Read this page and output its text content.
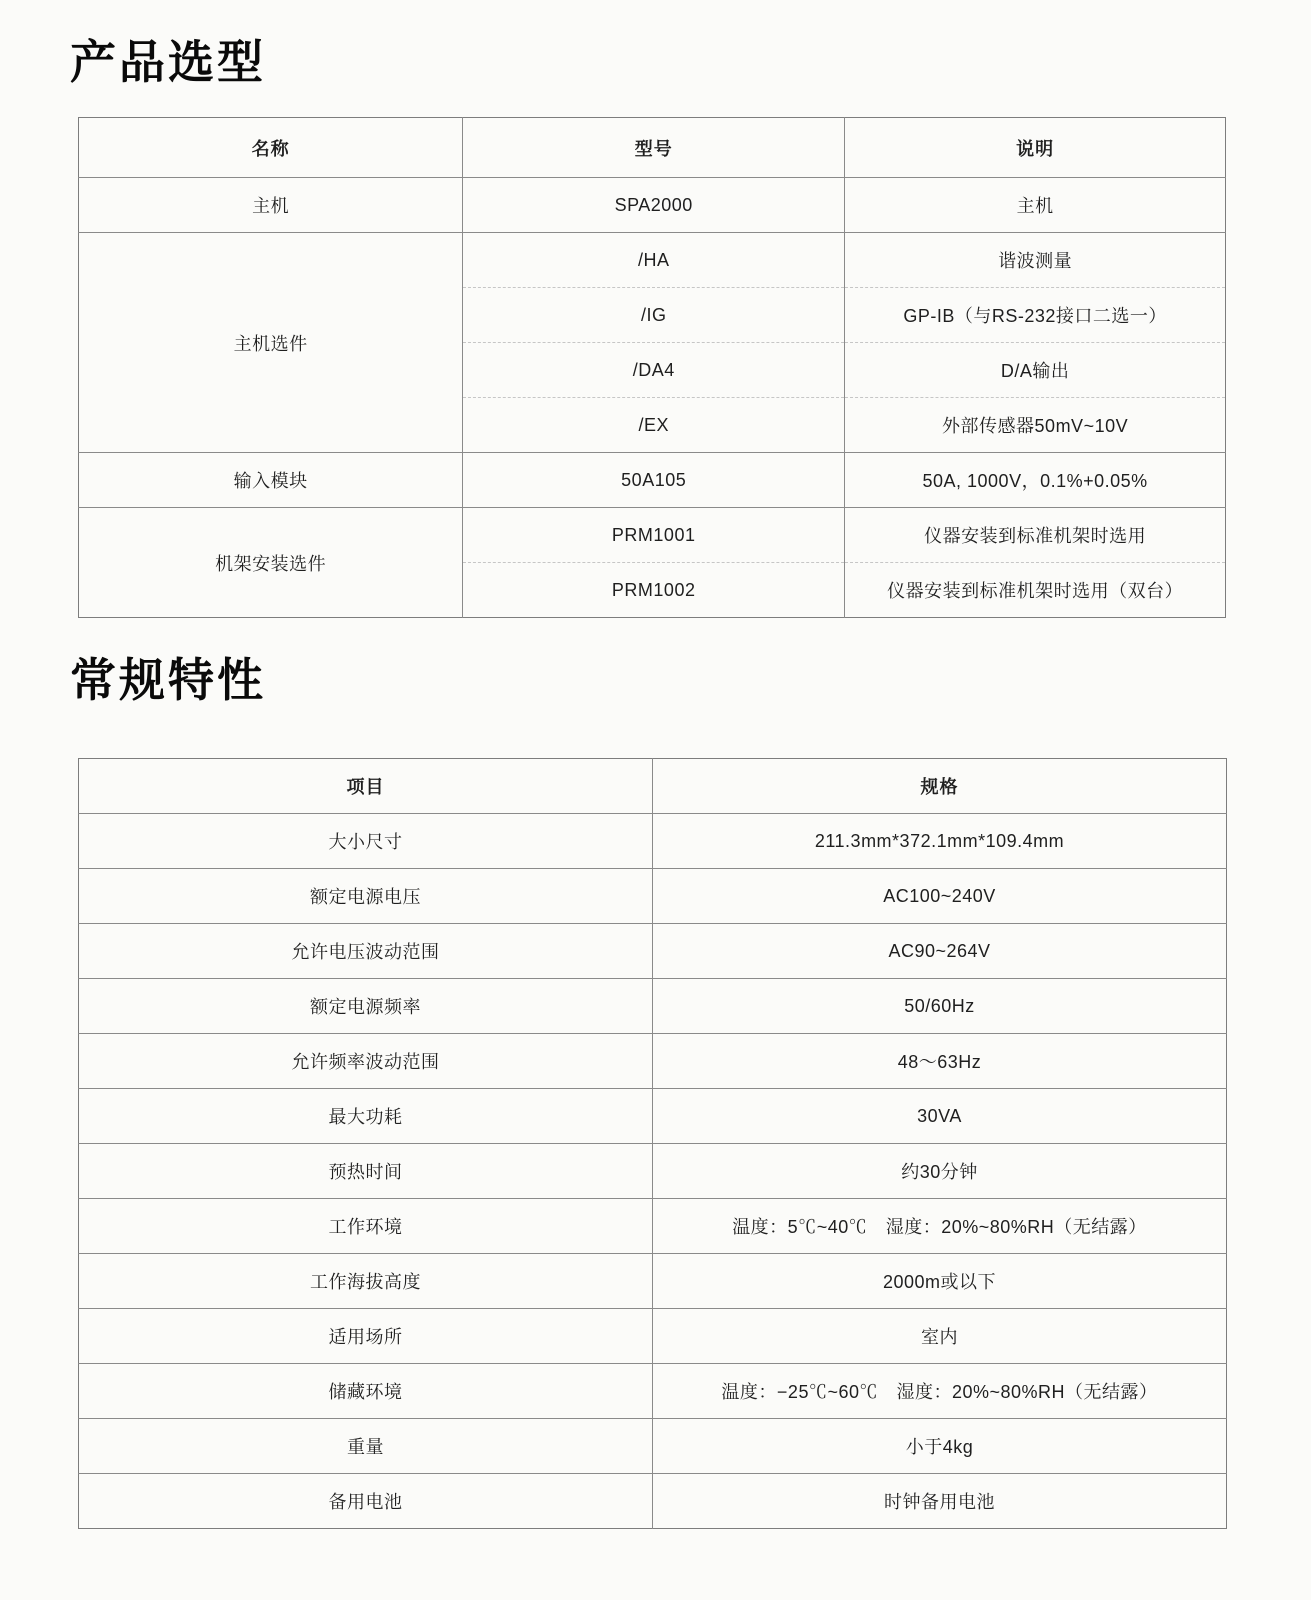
产品选型
名称	型号	说明
主机	SPA2000	主机
主机选件	/HA	谐波测量
	/IG	GP-IB（与RS-232接口二选一）
	/DA4	D/A输出
	/EX	外部传感器50mV~10V
输入模块	50A105	50A, 1000V，0.1%+0.05%
机架安装选件	PRM1001	仪器安装到标准机架时选用
	PRM1002	仪器安装到标准机架时选用（双台）
常规特性
项目	规格
大小尺寸	211.3mm*372.1mm*109.4mm
额定电源电压	AC100~240V
允许电压波动范围	AC90~264V
额定电源频率	50/60Hz
允许频率波动范围	48～63Hz
最大功耗	30VA
预热时间	约30分钟
工作环境	温度：5℃~40℃　湿度：20%~80%RH（无结露）
工作海拔高度	2000m或以下
适用场所	室内
储藏环境	温度：−25℃~60℃　湿度：20%~80%RH（无结露）
重量	小于4kg
备用电池	时钟备用电池
